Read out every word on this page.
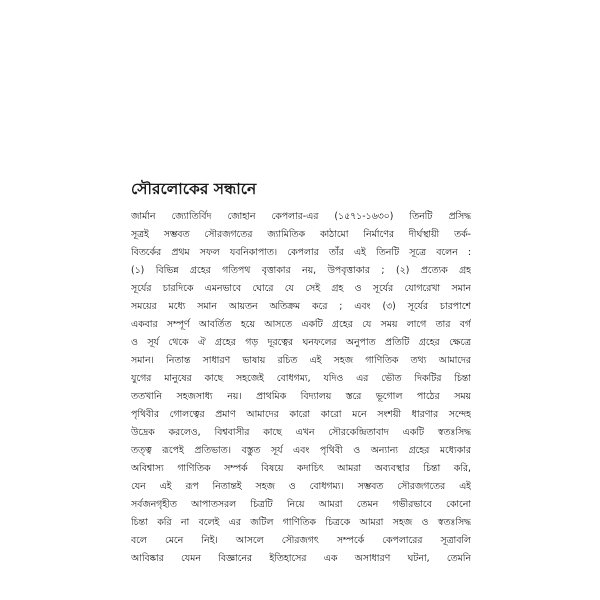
সৌরলোকের সন্ধানে
জার্মান জ্যোতির্বিদ জোহান কেপলার-এর (১৫৭১-১৬৩০) তিনটি প্রসিদ্ধ
সূত্রই সম্ভবত সৌরজগতের জ্যামিতিক কাঠামো নির্মাণের দীর্ঘস্থায়ী তর্ক-
বিতর্কের প্রথম সফল যবনিকাপাত। কেপলার তাঁর এই তিনটি সূত্রে বলেন :
(১) বিভিন্ন গ্রহের গতিপথ বৃত্তাকার নয়, উপবৃত্তাকার ; (২) প্রত্যেক গ্রহ
সূর্যের চারদিকে এমনভাবে ঘোরে যে সেই গ্রহ ও সূর্যের যোগরেখা সমান
সময়ের মধ্যে সমান আয়তন অতিক্রম করে ; এবং (৩) সূর্যের চারপাশে
একবার সম্পূর্ণ আবর্তিত হয়ে আসতে একটি গ্রহের যে সময় লাগে তার বর্গ
ও সূর্য থেকে ঐ গ্রহের গড় দূরত্বের ঘনফলের অনুপাত প্রতিটি গ্রহের ক্ষেত্রে
সমান। নিতান্ত সাধারণ ভাষায় রচিত এই সহজ গাণিতিক তথ্য আমাদের
যুগের মানুষের কাছে সহজেই বোধগম্য, যদিও এর ভৌত দিকটির চিন্তা
ততখানি সহজসাধ্য নয়। প্রাথমিক বিদ্যালয় স্তরে ভূগোল পাঠের সময়
পৃথিবীর গোলত্বের প্রমাণ আমাদের কারো কারো মনে সংশয়ী ধারণার সন্দেহ
উদ্রেক করলেও, বিশ্ববাসীর কাছে এখন সৌরকেন্দ্রিতাবাদ একটি স্বতঃসিদ্ধ
তত্ত্ব রূপেই প্রতিভাত। বস্তুত সূর্য এবং পৃথিবী ও অন্যান্য গ্রহের মধ্যেকার
অবিশ্বাস্য গাণিতিক সম্পর্ক বিষয়ে কদাচিৎ আমরা অব্যবস্থার চিন্তা করি,
যেন এই রূপ নিতান্তই সহজ ও বোধগম্য। সম্ভবত সৌরজগতের এই
সর্বজনগৃহীত আপাতসরল চিত্রটি নিয়ে আমরা তেমন গভীরভাবে কোনো
চিন্তা করি না বলেই এর জটিল গাণিতিক চিত্রকে আমরা সহজ ও স্বতঃসিদ্ধ
বলে মেনে নিই। আসলে সৌরজগৎ সম্পর্কে কেপলারের সূত্রাবলি
আবিষ্কার যেমন বিজ্ঞানের ইতিহাসের এক অসাধারণ ঘটনা, তেমনি
